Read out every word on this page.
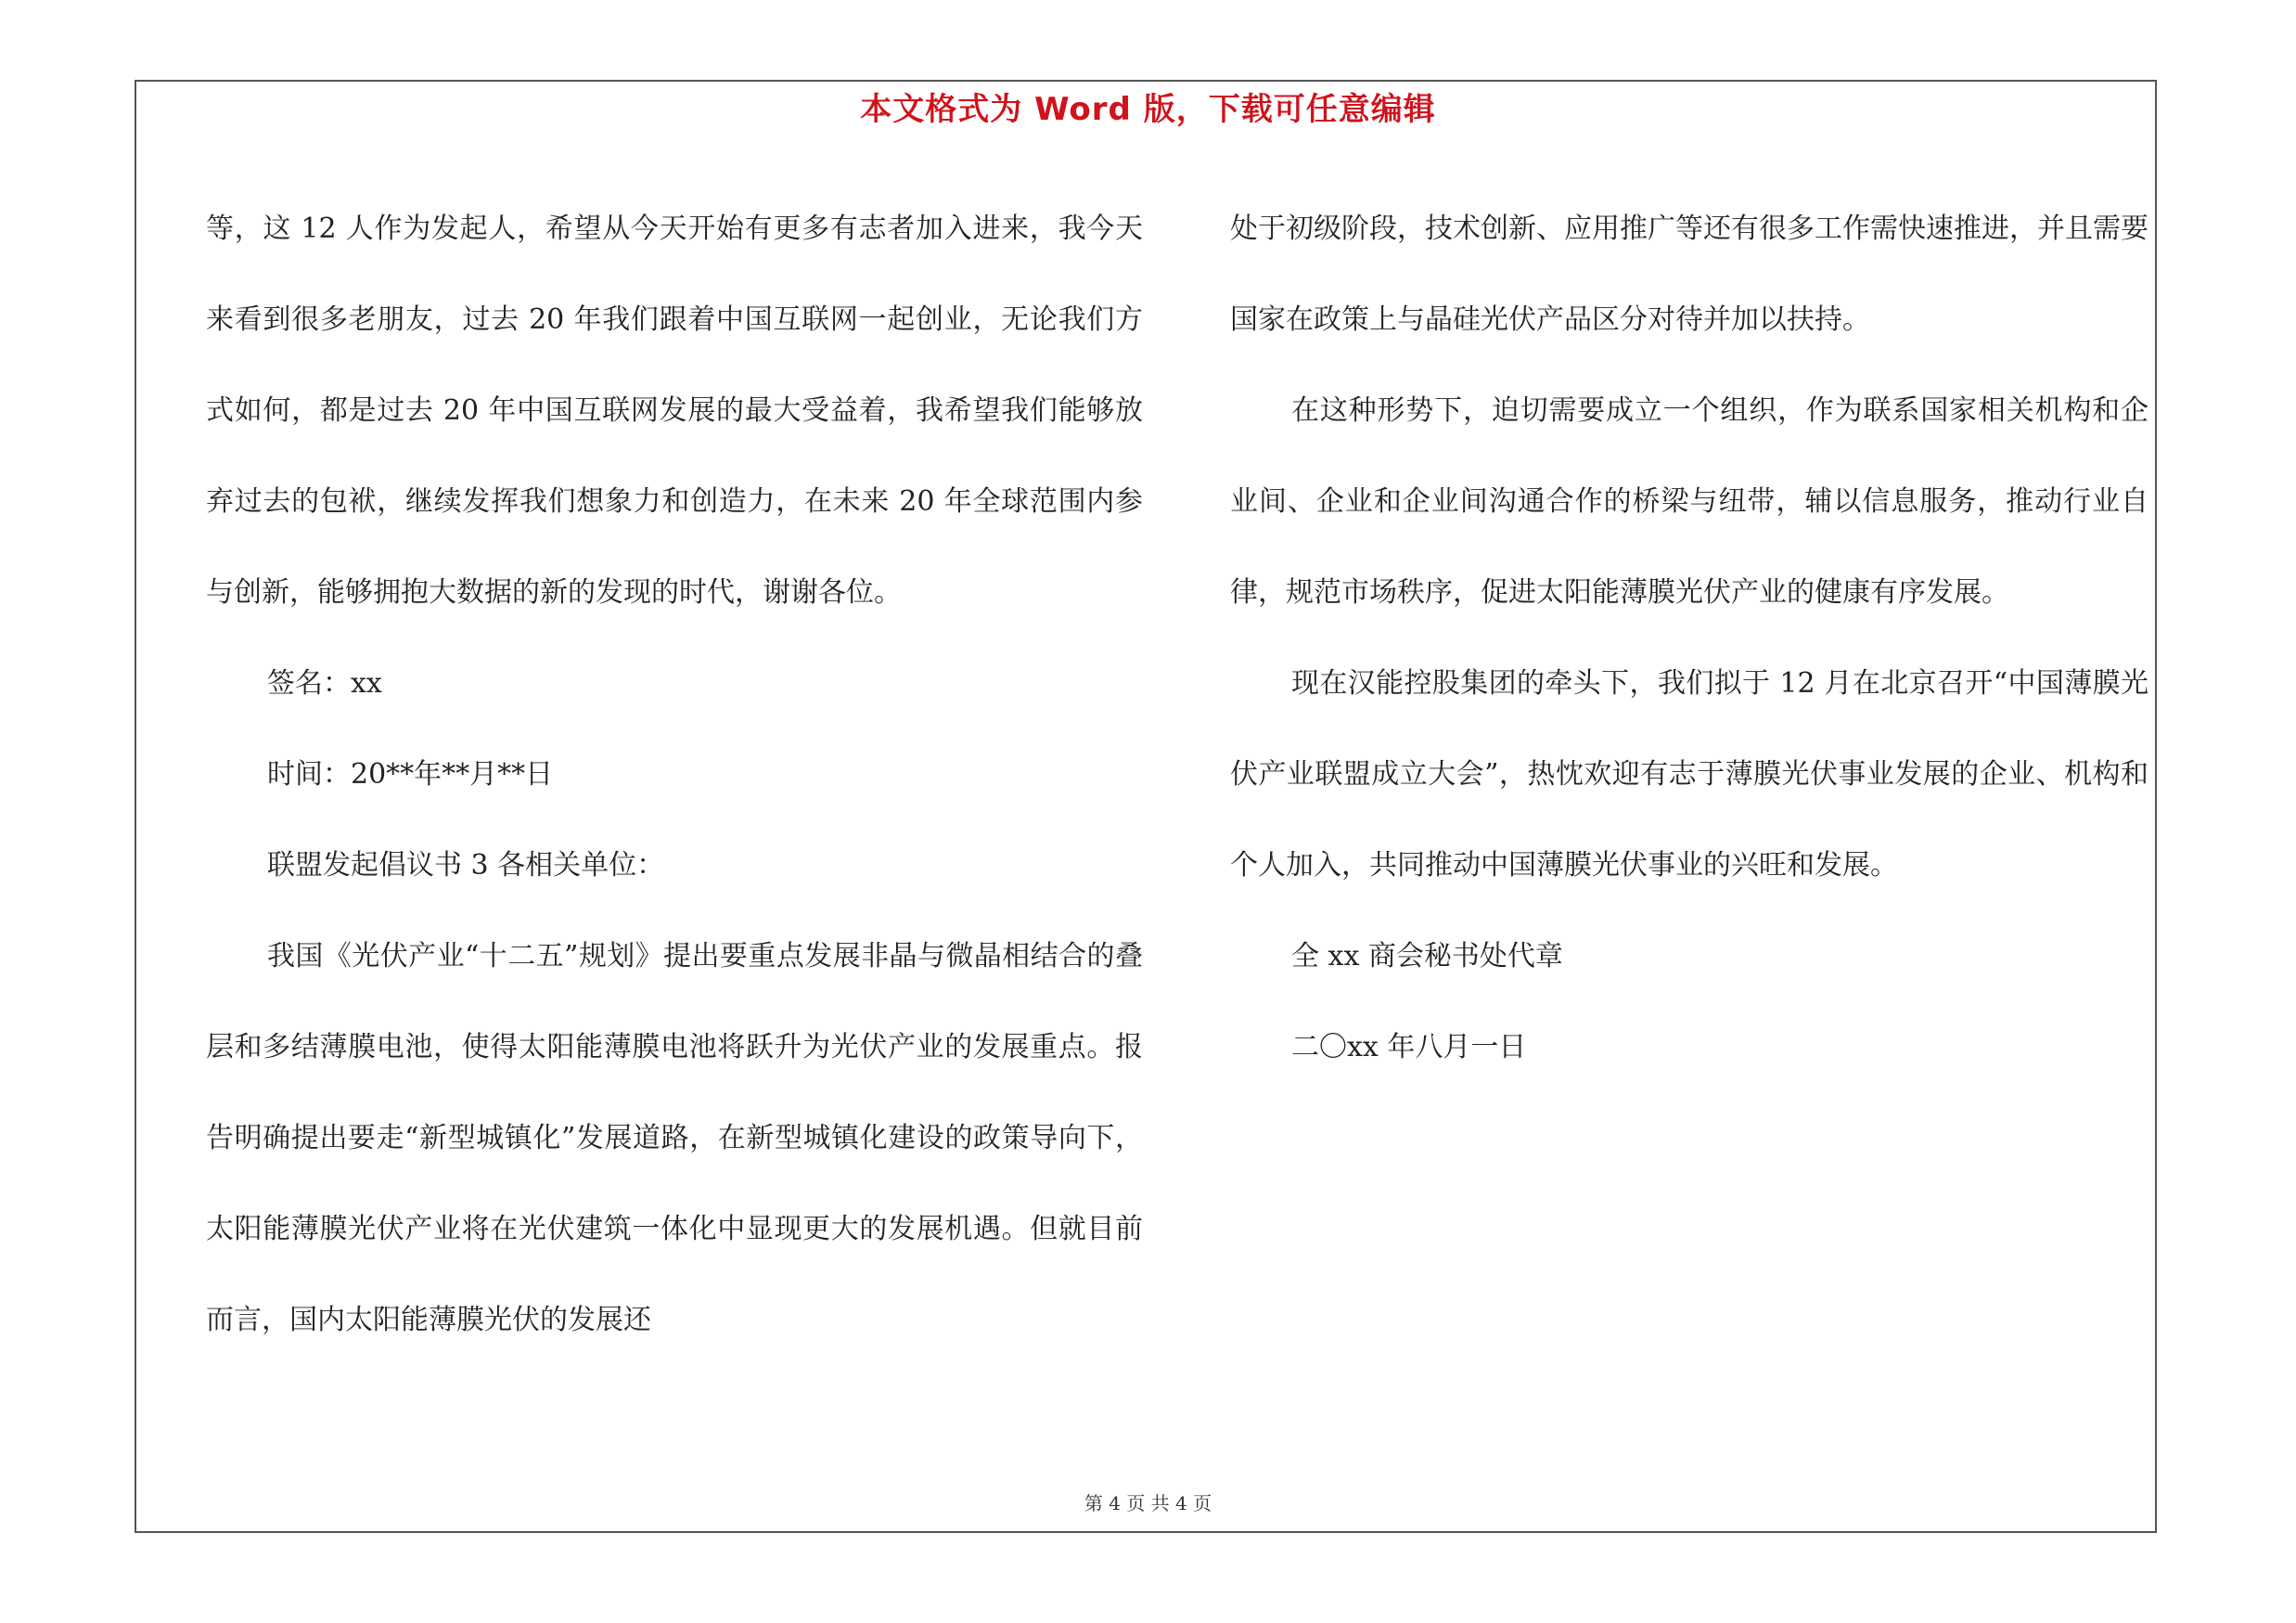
本文格式为 Word 版，下载可任意编辑

等，这 12 人作为发起人，希望从今天开始有更多有志者加入进来，我今天来看到很多老朋友，过去 20 年我们跟着中国互联网一起创业，无论我们方式如何，都是过去 20 年中国互联网发展的最大受益着，我希望我们能够放弃过去的包袱，继续发挥我们想象力和创造力，在未来 20 年全球范围内参与创新，能够拥抱大数据的新的发现的时代，谢谢各位。

签名：xx

时间：20**年**月**日

联盟发起倡议书 3 各相关单位：

我国《光伏产业“十二五”规划》提出要重点发展非晶与微晶相结合的叠层和多结薄膜电池，使得太阳能薄膜电池将跃升为光伏产业的发展重点。报告明确提出要走“新型城镇化”发展道路，在新型城镇化建设的政策导向下，太阳能薄膜光伏产业将在光伏建筑一体化中显现更大的发展机遇。但就目前而言，国内太阳能薄膜光伏的发展还

处于初级阶段，技术创新、应用推广等还有很多工作需快速推进，并且需要国家在政策上与晶硅光伏产品区分对待并加以扶持。

在这种形势下，迫切需要成立一个组织，作为联系国家相关机构和企业间、企业和企业间沟通合作的桥梁与纽带，辅以信息服务，推动行业自律，规范市场秩序，促进太阳能薄膜光伏产业的健康有序发展。

现在汉能控股集团的牵头下，我们拟于 12 月在北京召开“中国薄膜光伏产业联盟成立大会”，热忱欢迎有志于薄膜光伏事业发展的企业、机构和个人加入，共同推动中国薄膜光伏事业的兴旺和发展。

全 xx 商会秘书处代章

二〇xx 年八月一日

第 4 页 共 4 页
